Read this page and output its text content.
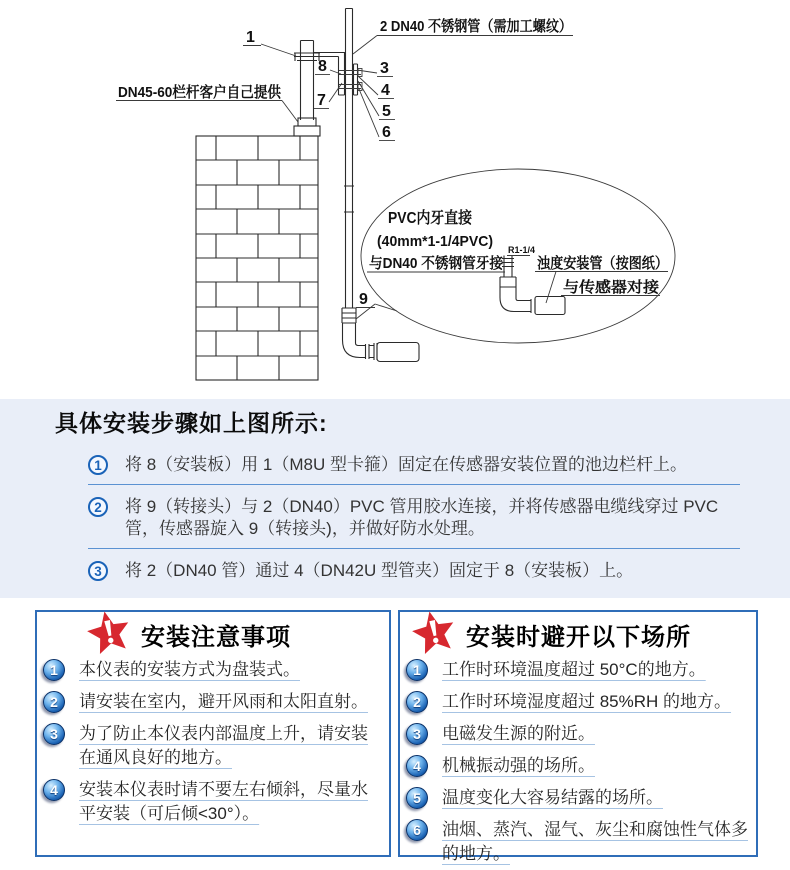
PVC内牙直接
(40mm*1-1/4PVC)
与DN40 不锈钢管牙接
R1-1/4
浊度安装管（按图纸）
与传感器对接
1
2 DN40 不锈钢管（需加工螺纹）
8
7
3
4
5
6
9
DN45-60栏杆客户自己提供
具体安装步骤如上图所示:
1	将 8（安装板）用 1（M8U 型卡箍）固定在传感器安装位置的池边栏杆上。
2	将 9（转接头）与 2（DN40）PVC 管用胶水连接，并将传感器电缆线穿过 PVC 管，传感器旋入 9（转接头)，并做好防水处理。
3	将 2（DN40 管）通过 4（DN42U 型管夹）固定于 8（安装板）上。
安装注意事项
1	本仪表的安装方式为盘装式。
2	请安装在室内，避开风雨和太阳直射。
3	为了防止本仪表内部温度上升，请安装在通风良好的地方。
4	安装本仪表时请不要左右倾斜，尽量水平安装（可后倾<30°）。
安装时避开以下场所
1	工作时环境温度超过 50°C的地方。
2	工作时环境湿度超过 85%RH 的地方。
3	电磁发生源的附近。
4	机械振动强的场所。
5	温度变化大容易结露的场所。
6	油烟、蒸汽、湿气、灰尘和腐蚀性气体多的地方。
